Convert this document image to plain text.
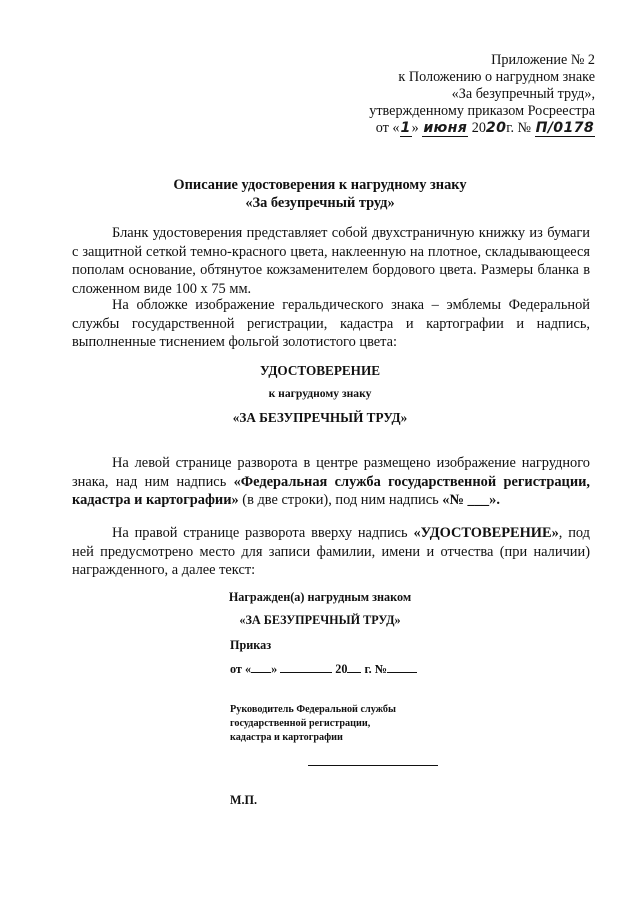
Приложение № 2
к Положению о нагрудном знаке
«За безупречный труд»,
утвержденному приказом Росреестра
от «1» июня 2020г. № П/0178
Описание удостоверения к нагрудному знаку
«За безупречный труд»
Бланк удостоверения представляет собой двухстраничную книжку из бумаги с защитной сеткой темно-красного цвета, наклеенную на плотное, складывающееся пополам основание, обтянутое кожзаменителем бордового цвета. Размеры бланка в сложенном виде 100 х 75 мм.
На обложке изображение геральдического знака – эмблемы Федеральной службы государственной регистрации, кадастра и картографии и надпись, выполненные тиснением фольгой золотистого цвета:
УДОСТОВЕРЕНИЕ
к нагрудному знаку
«ЗА БЕЗУПРЕЧНЫЙ ТРУД»
На левой странице разворота в центре размещено изображение нагрудного знака, над ним надпись «Федеральная служба государственной регистрации, кадастра и картографии» (в две строки), под ним надпись «№ ___».
На правой странице разворота вверху надпись «УДОСТОВЕРЕНИЕ», под ней предусмотрено место для записи фамилии, имени и отчества (при наличии) награжденного, а далее текст:
Награжден(а) нагрудным знаком
«ЗА БЕЗУПРЕЧНЫЙ ТРУД»
Приказ
от « »	20 г. №
Руководитель Федеральной службы
государственной регистрации,
кадастра и картографии
М.П.
